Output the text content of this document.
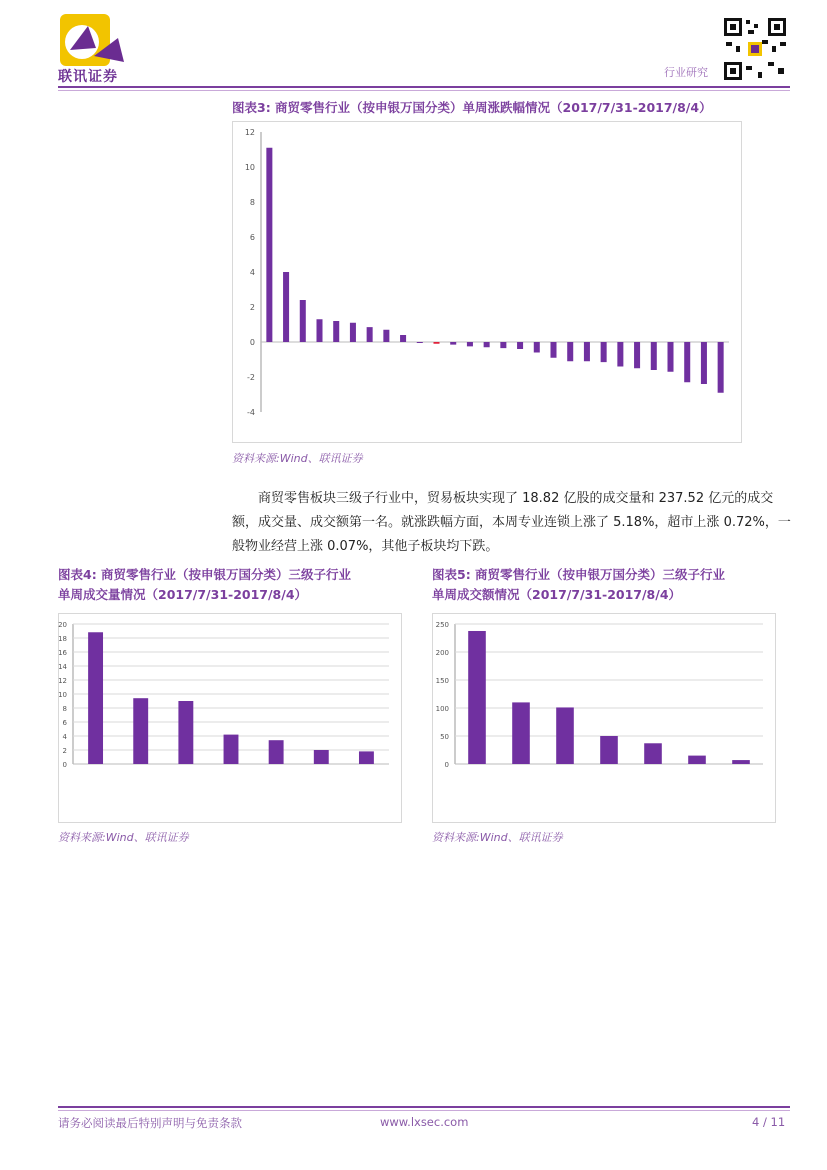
联讯证券	行业研究
图表3: 商贸零售行业（按申银万国分类）单周涨跌幅情况（2017/7/31-2017/8/4）
-4
-2
0
2
4
6
8
10
12
资料来源:Wind、联讯证券
商贸零售板块三级子行业中，贸易板块实现了 18.82 亿股的成交量和 237.52 亿元的成交额，成交量、成交额第一名。就涨跌幅方面，本周专业连锁上涨了 5.18%，超市上涨 0.72%，一般物业经营上涨 0.07%，其他子板块均下跌。
图表4: 商贸零售行业（按申银万国分类）三级子行业
单周成交量情况（2017/7/31-2017/8/4）
0
2
4
6
8
10
12
14
16
18
20
资料来源:Wind、联讯证券
图表5: 商贸零售行业（按申银万国分类）三级子行业
单周成交额情况（2017/7/31-2017/8/4）
0
50
100
150
200
250
资料来源:Wind、联讯证券
请务必阅读最后特别声明与免责条款	www.lxsec.com	4 / 11
